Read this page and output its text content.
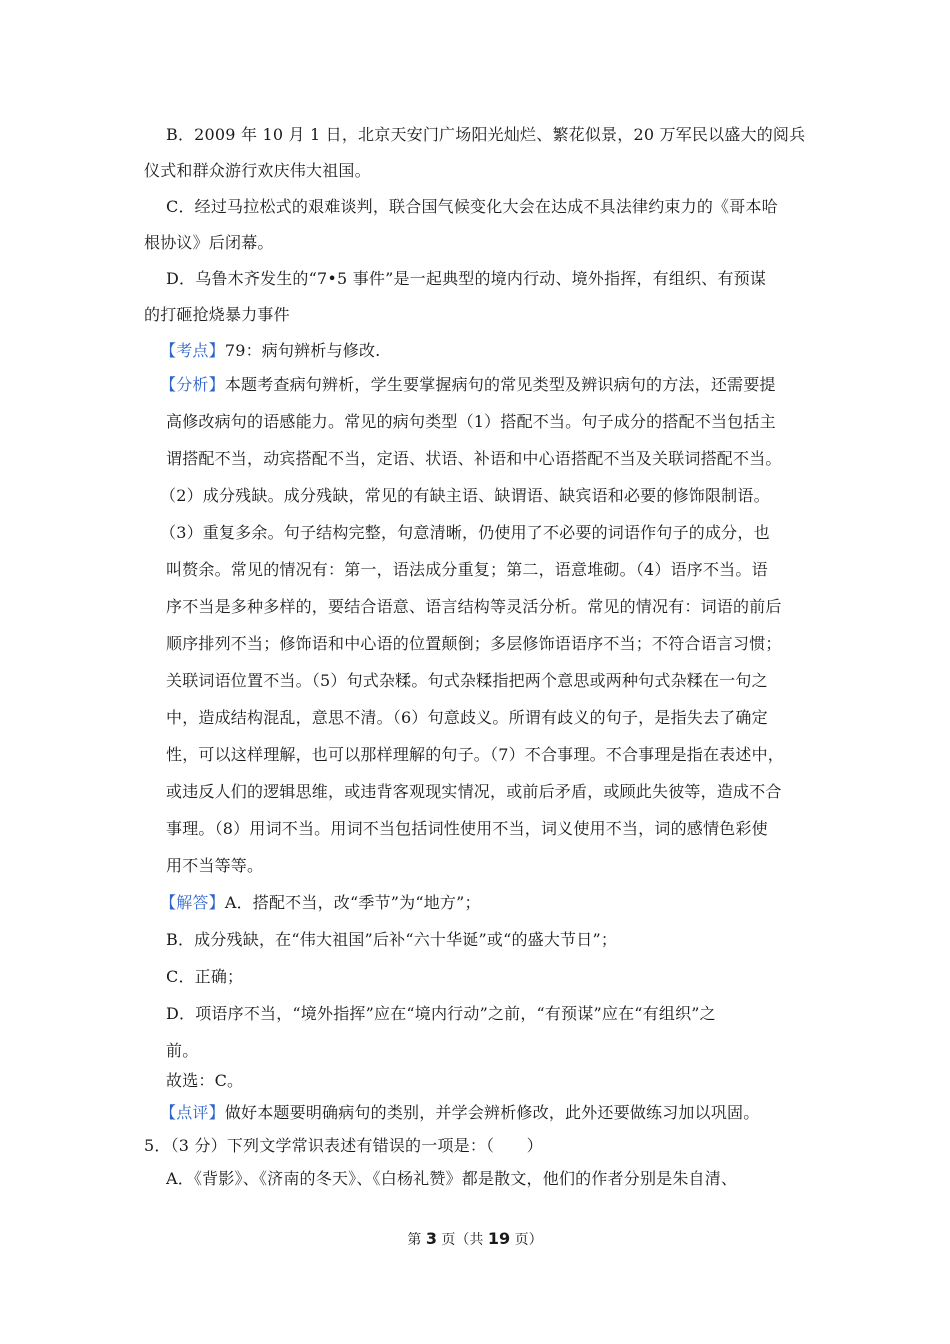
B．2009 年 10 月 1 日，北京天安门广场阳光灿烂、繁花似景，20 万军民以盛大的阅兵
仪式和群众游行欢庆伟大祖国。
C．经过马拉松式的艰难谈判，联合国气候变化大会在达成不具法律约束力的《哥本哈
根协议》后闭幕。
D．乌鲁木齐发生的“7•5 事件”是一起典型的境内行动、境外指挥，有组织、有预谋
的打砸抢烧暴力事件
【考点】79：病句辨析与修改.
【分析】本题考查病句辨析，学生要掌握病句的常见类型及辨识病句的方法，还需要提
高修改病句的语感能力。常见的病句类型（1）搭配不当。句子成分的搭配不当包括主
谓搭配不当，动宾搭配不当，定语、状语、补语和中心语搭配不当及关联词搭配不当。
（2）成分残缺。成分残缺，常见的有缺主语、缺谓语、缺宾语和必要的修饰限制语。
（3）重复多余。句子结构完整，句意清晰，仍使用了不必要的词语作句子的成分，也
叫赘余。常见的情况有：第一，语法成分重复；第二，语意堆砌。（4）语序不当。语
序不当是多种多样的，要结合语意、语言结构等灵活分析。常见的情况有：词语的前后
顺序排列不当；修饰语和中心语的位置颠倒；多层修饰语语序不当；不符合语言习惯；
关联词语位置不当。（5）句式杂糅。句式杂糅指把两个意思或两种句式杂糅在一句之
中，造成结构混乱，意思不清。（6）句意歧义。所谓有歧义的句子，是指失去了确定
性，可以这样理解，也可以那样理解的句子。（7）不合事理。不合事理是指在表述中，
或违反人们的逻辑思维，或违背客观现实情况，或前后矛盾，或顾此失彼等，造成不合
事理。（8）用词不当。用词不当包括词性使用不当，词义使用不当，词的感情色彩使
用不当等等。
【解答】A．搭配不当，改“季节”为“地方”；
B．成分残缺，在“伟大祖国”后补“六十华诞”或“的盛大节日”；
C．正确；
D．项语序不当，“境外指挥”应在“境内行动”之前，“有预谋”应在“有组织”之
前。
故选：C。
【点评】做好本题要明确病句的类别，并学会辨析修改，此外还要做练习加以巩固。
5．（3 分）下列文学常识表述有错误的一项是：（　　）
A．《背影》、《济南的冬天》、《白杨礼赞》都是散文，他们的作者分别是朱自清、
第 3 页（共 19 页）
